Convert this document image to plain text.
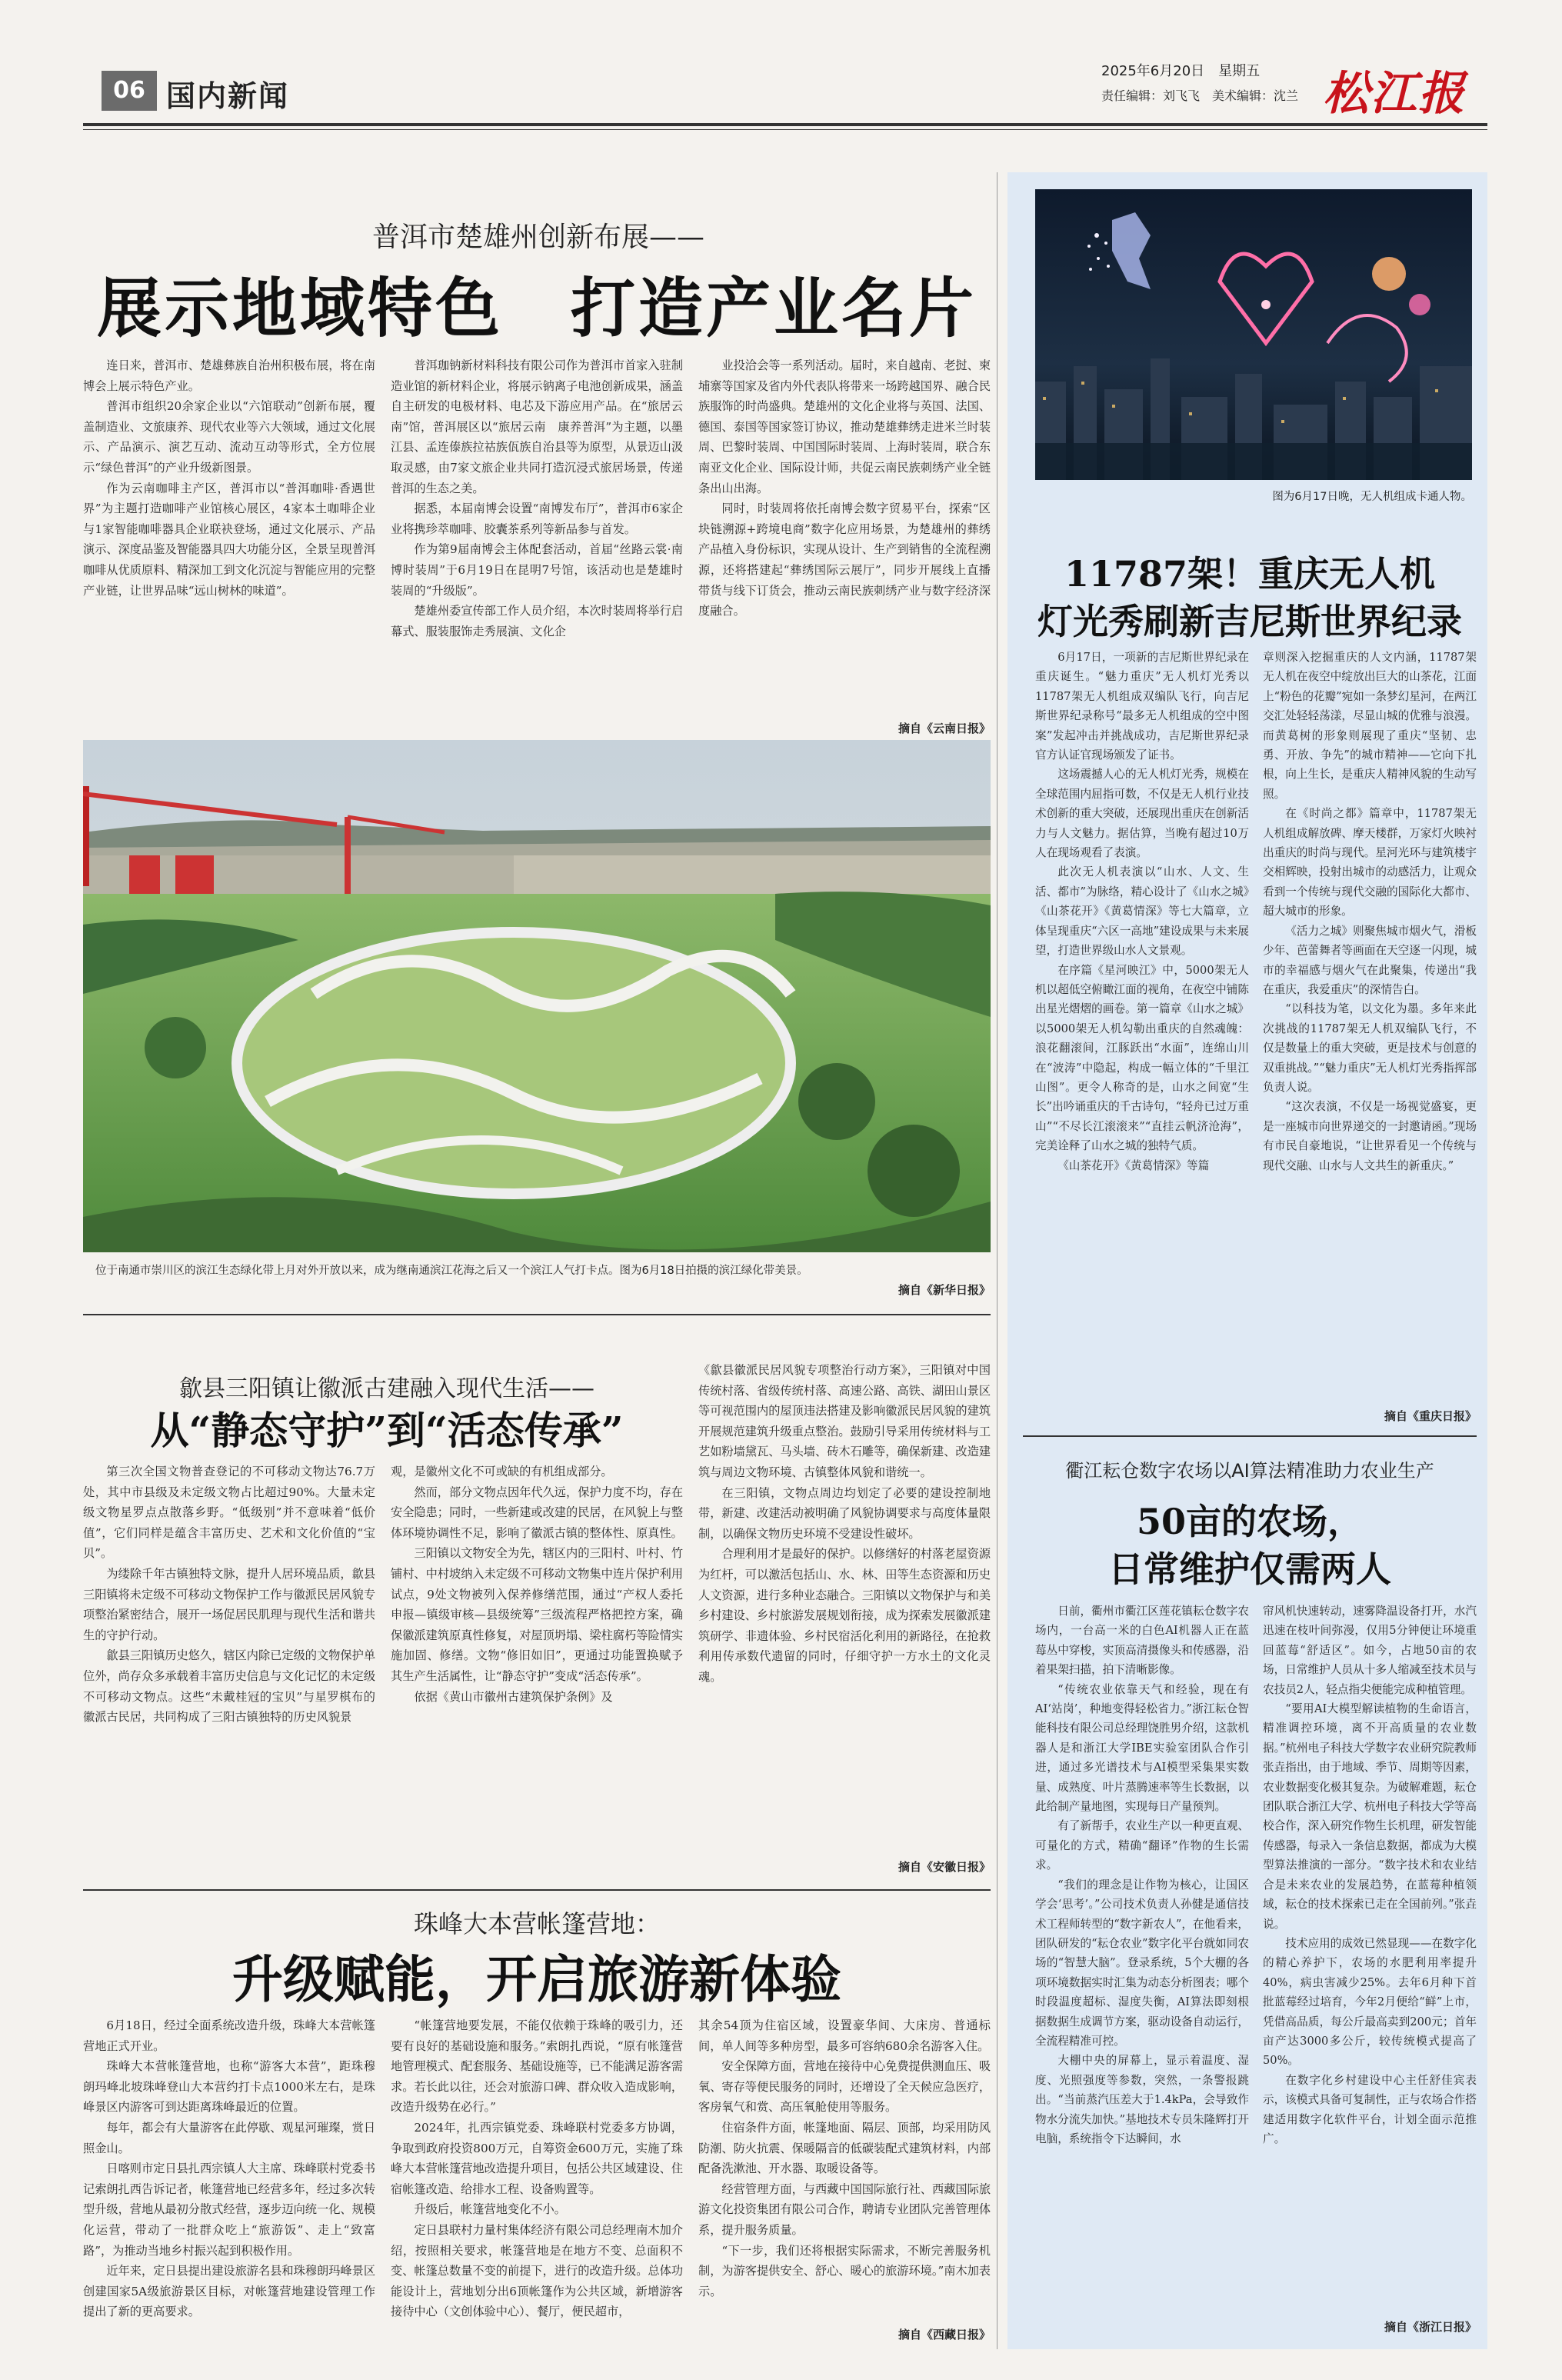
06 国内新闻
2025年6月20日　星期五
责任编辑：刘飞飞　美术编辑：沈兰 松江报
普洱市楚雄州创新布展——
展示地域特色　打造产业名片

连日来，普洱市、楚雄彝族自治州积极布展，将在南博会上展示特色产业。

普洱市组织20余家企业以“六馆联动”创新布展，覆盖制造业、文旅康养、现代农业等六大领域，通过文化展示、产品演示、演艺互动、流动互动等形式，全方位展示“绿色普洱”的产业升级新图景。

作为云南咖啡主产区，普洱市以“普洱咖啡·香遇世界”为主题打造咖啡产业馆核心展区，4家本土咖啡企业与1家智能咖啡器具企业联袂登场，通过文化展示、产品演示、深度品鉴及智能器具四大功能分区，全景呈现普洱咖啡从优质原料、精深加工到文化沉淀与智能应用的完整产业链，让世界品味“远山树林的味道”。

普洱珈钠新材料科技有限公司作为普洱市首家入驻制造业馆的新材料企业，将展示钠离子电池创新成果，涵盖自主研发的电极材料、电芯及下游应用产品。在“旅居云南”馆，普洱展区以“旅居云南　康养普洱”为主题，以墨江县、孟连傣族拉祜族佤族自治县等为原型，从景迈山汲取灵感，由7家文旅企业共同打造沉浸式旅居场景，传递普洱的生态之美。

据悉，本届南博会设置“南博发布厅”，普洱市6家企业将携珍萃咖啡、胶囊茶系列等新品参与首发。

作为第9届南博会主体配套活动，首届“丝路云裳·南博时装周”于6月19日在昆明7号馆，该活动也是楚雄时装周的“升级版”。

楚雄州委宣传部工作人员介绍，本次时装周将举行启幕式、服装服饰走秀展演、文化企

业投洽会等一系列活动。届时，来自越南、老挝、柬埔寨等国家及省内外代表队将带来一场跨越国界、融合民族服饰的时尚盛典。楚雄州的文化企业将与英国、法国、德国、泰国等国家签订协议，推动楚雄彝绣走进米兰时装周、巴黎时装周、中国国际时装周、上海时装周，联合东南亚文化企业、国际设计师，共促云南民族刺绣产业全链条出山出海。

同时，时装周将依托南博会数字贸易平台，探索“区块链溯源+跨境电商”数字化应用场景，为楚雄州的彝绣产品植入身份标识，实现从设计、生产到销售的全流程溯源，还将搭建起“彝绣国际云展厅”，同步开展线上直播带货与线下订货会，推动云南民族刺绣产业与数字经济深度融合。

摘自《云南日报》
位于南通市崇川区的滨江生态绿化带上月对外开放以来，成为继南通滨江花海之后又一个滨江人气打卡点。图为6月18日拍摄的滨江绿化带美景。
摘自《新华日报》
歙县三阳镇让徽派古建融入现代生活——
从“静态守护”到“活态传承”

第三次全国文物普查登记的不可移动文物达76.7万处，其中市县级及未定级文物占比超过90%。大量未定级文物星罗点点散落乡野。“低级别”并不意味着“低价值”，它们同样是蕴含丰富历史、艺术和文化价值的“宝贝”。

为缕除千年古镇独特文脉，提升人居环境品质，歙县三阳镇将未定级不可移动文物保护工作与徽派民居风貌专项整治紧密结合，展开一场促居民肌理与现代生活和谐共生的守护行动。

歙县三阳镇历史悠久，辖区内除已定级的文物保护单位外，尚存众多承载着丰富历史信息与文化记忆的未定级不可移动文物点。这些“未戴桂冠的宝贝”与星罗棋布的徽派古民居，共同构成了三阳古镇独特的历史风貌景

观，是徽州文化不可或缺的有机组成部分。

然而，部分文物点因年代久远，保护力度不均，存在安全隐患；同时，一些新建或改建的民居，在风貌上与整体环境协调性不足，影响了徽派古镇的整体性、原真性。

三阳镇以文物安全为先，辖区内的三阳村、叶村、竹铺村、中村坡纳入未定级不可移动文物集中连片保护利用试点，9处文物被列入保养修缮范围，通过“产权人委托申报—镇级审核—县级统筹”三级流程严格把控方案，确保徽派建筑原真性修复，对屋顶坍塌、梁柱腐朽等险情实施加固、修缮。文物“修旧如旧”，更通过功能置换赋予其生产生活属性，让“静态守护”变成“活态传承”。

依据《黄山市徽州古建筑保护条例》及

《歙县徽派民居风貌专项整治行动方案》，三阳镇对中国传统村落、省级传统村落、高速公路、高铁、湖田山景区等可视范围内的屋顶违法搭建及影响徽派民居风貌的建筑开展规范建筑升级重点整治。鼓励引导采用传统材料与工艺如粉墙黛瓦、马头墙、砖木石雕等，确保新建、改造建筑与周边文物环境、古镇整体风貌和谐统一。

在三阳镇，文物点周边均划定了必要的建设控制地带，新建、改建活动被明确了风貌协调要求与高度体量限制，以确保文物历史环境不受建设性破坏。

合理利用才是最好的保护。以修缮好的村落老屋资源为红杆，可以激活包括山、水、林、田等生态资源和历史人文资源，进行多种业态融合。三阳镇以文物保护与和美乡村建设、乡村旅游发展规划衔接，成为探索发展徽派建筑研学、非遗体验、乡村民宿活化利用的新路径，在抢救利用传承数代遗留的同时，仔细守护一方水土的文化灵魂。

摘自《安徽日报》
珠峰大本营帐篷营地：
升级赋能，开启旅游新体验

6月18日，经过全面系统改造升级，珠峰大本营帐篷营地正式开业。

珠峰大本营帐篷营地，也称“游客大本营”，距珠穆朗玛峰北坡珠峰登山大本营约打卡点1000米左右，是珠峰景区内游客可到达距离珠峰最近的位置。

每年，都会有大量游客在此停歇、观星河璀璨，赏日照金山。

日喀则市定日县扎西宗镇人大主席、珠峰联村党委书记索朗扎西告诉记者，帐篷营地已经营多年，经过多次转型升级，营地从最初分散式经营，逐步迈向统一化、规模化运营，带动了一批群众吃上“旅游饭”、走上“致富路”，为推动当地乡村振兴起到积极作用。

近年来，定日县提出建设旅游名县和珠穆朗玛峰景区创建国家5A级旅游景区目标，对帐篷营地建设管理工作提出了新的更高要求。

“帐篷营地要发展，不能仅依赖于珠峰的吸引力，还要有良好的基础设施和服务。”索朗扎西说，“原有帐篷营地管理模式、配套服务、基础设施等，已不能满足游客需求。若长此以往，还会对旅游口碑、群众收入造成影响，改造升级势在必行。”

2024年，扎西宗镇党委、珠峰联村党委多方协调，争取到政府投资800万元，自筹资金600万元，实施了珠峰大本营帐篷营地改造提升项目，包括公共区域建设、住宿帐篷改造、给排水工程、设备购置等。

升级后，帐篷营地变化不小。

定日县联村力量村集体经济有限公司总经理南木加介绍，按照相关要求，帐篷营地是在地方不变、总面积不变、帐篷总数量不变的前提下，进行的改造升级。总体功能设计上，营地划分出6顶帐篷作为公共区域，新增游客接待中心（文创体验中心）、餐厅，便民超市，

其余54顶为住宿区域，设置豪华间、大床房、普通标间，单人间等多种房型，最多可容纳680余名游客入住。

安全保障方面，营地在接待中心免费提供测血压、吸氧、寄存等便民服务的同时，还增设了全天候应急医疗，客房氧气和赏、高压氧舱使用等服务。

住宿条件方面，帐篷地面、隔层、顶部，均采用防风防潮、防火抗震、保暖隔音的低碳装配式建筑材料，内部配备洗漱池、开水器、取暖设备等。

经营管理方面，与西藏中国国际旅行社、西藏国际旅游文化投资集团有限公司合作，聘请专业团队完善管理体系，提升服务质量。

“下一步，我们还将根据实际需求，不断完善服务机制，为游客提供安全、舒心、暖心的旅游环境。”南木加表示。

摘自《西藏日报》
图为6月17日晚，无人机组成卡通人物。
11787架！重庆无人机
灯光秀刷新吉尼斯世界纪录

6月17日，一项新的吉尼斯世界纪录在重庆诞生。“魅力重庆”无人机灯光秀以11787架无人机组成双编队飞行，向吉尼斯世界纪录称号“最多无人机组成的空中图案”发起冲击并挑战成功，吉尼斯世界纪录官方认证官现场颁发了证书。

这场震撼人心的无人机灯光秀，规模在全球范围内屈指可数，不仅是无人机行业技术创新的重大突破，还展现出重庆在创新活力与人文魅力。据估算，当晚有超过10万人在现场观看了表演。

此次无人机表演以“山水、人文、生活、都市”为脉络，精心设计了《山水之城》《山茶花开》《黄葛情深》等七大篇章，立体呈现重庆“六区一高地”建设成果与未来展望，打造世界级山水人文景观。

在序篇《星河映江》中，5000架无人机以超低空俯瞰江面的视角，在夜空中铺陈出星光熠熠的画卷。第一篇章《山水之城》以5000架无人机勾勒出重庆的自然魂魄：浪花翻滚间，江豚跃出“水面”，连绵山川在“波涛”中隐起，构成一幅立体的“千里江山图”。更令人称奇的是，山水之间宽“生长”出吟诵重庆的千古诗句，“轻舟已过万重山”“不尽长江滚滚来”“直挂云帆济沧海”，完美诠释了山水之城的独特气质。

《山茶花开》《黄葛情深》等篇

章则深入挖掘重庆的人文内涵，11787架无人机在夜空中绽放出巨大的山茶花，江面上“粉色的花瓣”宛如一条梦幻星河，在两江交汇处轻轻荡漾，尽显山城的优雅与浪漫。而黄葛树的形象则展现了重庆“坚韧、忠勇、开放、争先”的城市精神——它向下扎根，向上生长，是重庆人精神风貌的生动写照。

在《时尚之都》篇章中，11787架无人机组成解放碑、摩天楼群，万家灯火映衬出重庆的时尚与现代。星河光环与建筑楼宇交相辉映，投射出城市的动感活力，让观众看到一个传统与现代交融的国际化大都市、超大城市的形象。

《活力之城》则聚焦城市烟火气，滑板少年、芭蕾舞者等画面在天空逐一闪现，城市的幸福感与烟火气在此聚集，传递出“我在重庆，我爱重庆”的深情告白。

“以科技为笔，以文化为墨。多年来此次挑战的11787架无人机双编队飞行，不仅是数量上的重大突破，更是技术与创意的双重挑战。”“魅力重庆”无人机灯光秀指挥部负责人说。

“这次表演，不仅是一场视觉盛宴，更是一座城市向世界递交的一封邀请函。”现场有市民自豪地说，“让世界看见一个传统与现代交融、山水与人文共生的新重庆。”

摘自《重庆日报》
衢江耘仓数字农场以AI算法精准助力农业生产
50亩的农场，
日常维护仅需两人

日前，衢州市衢江区莲花镇耘仓数字农场内，一台高一米的白色AI机器人正在蓝莓丛中穿梭，实顶高清摄像头和传感器，沿着果架扫描，拍下清晰影像。

“传统农业依靠天气和经验，现在有AI‘站岗’，种地变得轻松省力。”浙江耘仓智能科技有限公司总经理饶胜男介绍，这款机器人是和浙江大学IBE实验室团队合作引进，通过多光谱技术与AI模型采集果实数量、成熟度、叶片蒸腾速率等生长数据，以此给制产量地图，实现每日产量预判。

有了新帮手，农业生产以一种更直观、可量化的方式，精确“翻译”作物的生长需求。

“我们的理念是让作物为核心，让国区学会‘思考’。”公司技术负责人孙健是通信技术工程师转型的“数字新农人”，在他看来，团队研发的“耘仓农业”数字化平台就如同农场的“智慧大脑”。登录系统，5个大棚的各项环境数据实时汇集为动态分析图表；哪个时段温度超标、湿度失衡，AI算法即刻根据数据生成调节方案，驱动设备自动运行，全流程精准可控。

大棚中央的屏幕上，显示着温度、湿度、光照强度等参数，突然，一条警报跳出。“当前蒸汽压差大于1.4kPa，会导致作物水分流失加快。”基地技术专员朱隆辉打开电脑，系统指令下达瞬间，水

帘风机快速转动，速雾降温设备打开，水汽迅速在枝叶间弥漫，仅用5分钟便让环境重回蓝莓“舒适区”。如今，占地50亩的农场，日常维护人员从十多人缩减至技术员与农技员2人，轻点指尖便能完成种植管理。

“要用AI大模型解读植物的生命语言，精准调控环境，离不开高质量的农业数据。”杭州电子科技大学数字农业研究院教师张垚指出，由于地域、季节、周期等因素，农业数据变化极其复杂。为破解难题，耘仓团队联合浙江大学、杭州电子科技大学等高校合作，深入研究作物生长机理，研发智能传感器，每录入一条信息数据，都成为大模型算法推演的一部分。“数字技术和农业结合是未来农业的发展趋势，在蓝莓种植领域，耘仓的技术探索已走在全国前列。”张垚说。

技术应用的成效已然显现——在数字化的精心养护下，农场的水肥利用率提升40%，病虫害减少25%。去年6月种下首批蓝莓经过培育，今年2月便给“鲜”上市，凭借高品质，每公斤最高卖到200元；首年亩产达3000多公斤，较传统模式提高了50%。

在数字化乡村建设中心主任舒佳宾表示，该模式具备可复制性，正与农场合作搭建适用数字化软件平台，计划全面示范推广。

摘自《浙江日报》
